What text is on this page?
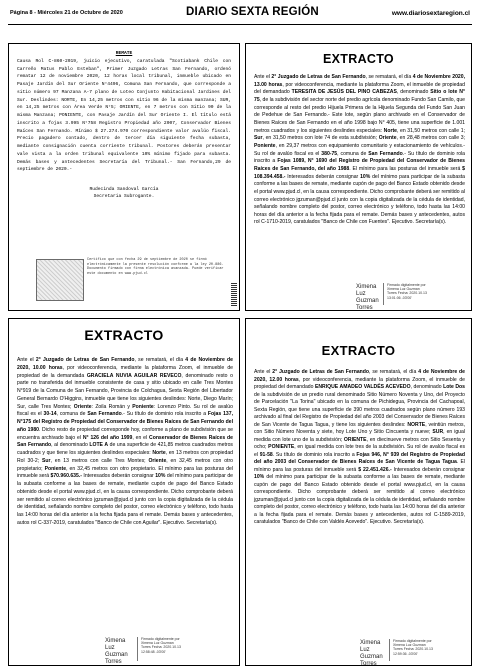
Página 8 - Miércoles 21 de Octubre de 2020	DIARIO SEXTA REGIÓN	www.diariosextaregion.cl
REMATE
Causa Rol C-860-2019, juicio ejecutivo, caratulada "Scotiabank Chile con Carreño Matus Pablo Esteban", Primer Juzgado Letras San Fernando, ordenó rematar 12 de noviembre 2020, 12 horas local tribunal, inmueble ubicado en Pasaje Jardín del Sur Oriente N°4496, Comuna San Fernando, que corresponde a sitio número 97 Manzana A-7 plano de Loteo Conjunto Habitacional Jardines del Sur. Deslindes: NORTE, En 14,25 metros con sitio 96 de la misma manzana; SUR, en 14,25 metros con Área Verde N°5; ORIENTE, en 7 metros con Sitio 90 de la misma Manzana; PONIENTE, con Pasaje Jardín del Sur Oriente I. El título está inscrito a fojas 3.995 N°758 Registro Propiedad año 2007, Conservador Bienes Raíces San Fernando. Mínimo $ 27.274.970 correspondiente valor avalúo fiscal. Precio pagadero contado, dentro de tercer día siguiente fecha subasta, mediante consignación cuenta corriente tribunal. Postores deberán presentar vale vista a la orden tribunal equivalente 10% mínimo fijado para subasta. Demás bases y antecedentes Secretaría del Tribunal.- San Fernando,29 de septiembre de 2020.-
Rudecinda Sandoval García
Secretaria Subrogante.
Certifico que con fecha 29 de septiembre de 2020 se firmó electrónicamente la presente resolución conforme a la ley 20.886. Documento firmado con firma electrónica avanzada. Puede verificar este documento en www.pjud.cl
EXTRACTO
Ante el 2° Juzgado de Letras de San Fernando, se rematará, el día 4 de Noviembre 2020, 13.00 horas, por videoconferencia, mediante la plataforma Zoom, el inmueble de propiedad del demandado TERESITA DE JESÚS DEL PINO CABEZAS, denominado Sitio o lote N° 75, de la subdivisión del sector norte del predio agrícola denominado Fundo San Camilo, que corresponde al resto del predio Hijuela Primera de la Hijuela Segunda del Fundo San Juan de Pedehue de San Fernando.- Este lote, según plano archivado en el Conservador de Bienes Raíces de San Fernando en el año 1998 bajo N° 405, tiene una superficie de 1.001 metros cuadrados y los siguientes deslindes especiales: Norte, en 31,50 metros con calle 1; Sur, en 31,50 metros con lote 74 de esta subdivisión; Oriente, en 28,48 metros con calle 3; Poniente, en 29,37 metros con equipamiento comunitario y estacionamiento de vehículos.- Su rol de avalúo fiscal es el 380-75, comuna de San Fernando.- Su título de dominio rola inscrito a Fojas 1089, N° 1690 del Registro de Propiedad del Conservador de Bienes Raíces de San Fernando, del año 1988. El mínimo para las posturas del inmueble será $ 108.394.458.- Interesados deberán consignar 10% del mínimo para participar de la subasta conforme a las bases de remate, mediante cupón de pago del Banco Estado obtenido desde el portal www.pjud.cl, en la causa correspondiente. Dicho comprobante deberá ser remitido al correo electrónico jgzuman@pjud.cl junto con la copia digitalizada de la cédula de identidad, señalando nombre completo del postor, correo electrónico y teléfono, todo hasta las 14:00 horas del día anterior a la fecha fijada para el remate. Demás bases y antecedentes, autos rol C-1710-2019, caratulados "Banco de Chile con Fuentes". Ejecutivo. Secretaría(s).
Ximena Luz Guzman Torres
Firmado digitalmente por Ximena Luz Guzman Torres Fecha: 2020.10.13 13:01:06 -03'00'
EXTRACTO
Ante el 2° Juzgado de Letras de San Fernando, se rematará, el día 4 de Noviembre de 2020, 10.00 horas, por videoconferencia, mediante la plataforma Zoom, el inmueble de propiedad de la demandada GRACIELA NUVIA AGUILAR REVECO, denominado resto o parte no transferida del inmueble consistente de casa y sitio ubicado en calle Tres Montes N°919 de la Comuna de San Fernando, Provincia de Colchagua, Sexta Región del Libertador General Bernardo O'Higgins, inmueble que tiene los siguientes deslindes: Norte, Diego Marín; Sur, calle Tres Montes; Oriente: Zoila Román y Poniente: Lorenzo Pinto. Su rol de avalúo fiscal es el 30-14, comuna de San Fernando.- Su título de dominio rola inscrito a Fojas 137, N°175 del Registro de Propiedad del Conservador de Bienes Raíces de San Fernando del año 1980. Dicho resto de propiedad corresponde hoy, conforme a plano de subdivisión que se encuentra archivado bajo el N° 126 del año 1999, en el Conservador de Bienes Raíces de San Fernando, al denominado LOTE A de una superficie de 421,85 metros cuadrados metros cuadrados y que tiene los siguientes deslindes especiales: Norte, en 13 metros con propiedad Rol 30-2; Sur, en 13 metros con calle Tres Montes; Oriente, en 32,45 metros con otro propietario; Poniente, en 32,45 metros con otro propietario. El mínimo para las posturas del inmueble será $70.960.635.- Interesados deberán consignar 10% del mínimo para participar de la subasta conforme a las bases de remate, mediante cupón de pago del Banco Estado obtenido desde el portal www.pjud.cl, en la causa correspondiente. Dicho comprobante deberá ser remitido al correo electrónico jgzuman@pjud.cl junto con la copia digitalizada de la cédula de identidad, señalando nombre completo del postor, correo electrónico y teléfono, todo hasta las 14:00 horas del día anterior a la fecha fijada para el remate. Demás bases y antecedentes, autos rol C-337-2019, caratulados "Banco de Chile con Aguilar". Ejecutivo. Secretaría(s).
Ximena Luz Guzman Torres
Firmado digitalmente por Ximena Luz Guzman Torres Fecha: 2020.10.13 12:58:48 -03'00'
EXTRACTO
Ante el 2° Juzgado de Letras de San Fernando, se rematará, el día 4 de Noviembre de 2020, 12.00 horas, por videoconferencia, mediante la plataforma Zoom, el inmueble de propiedad del demandado ENRIQUE AMADEO VALDÉS ACEVEDO, denominado Lote Dos de la subdivisión de un predio rural denominado Sitio Número Noventa y Uno, del Proyecto de Parcelación "La Torina" ubicado en la comuna de Pichidegua, Provincia del Cachapoal, Sexta Región, que tiene una superficie de 390 metros cuadrados según plano número 193 archivado al final del Registro de Propiedad del año 2003 del Conservador de Bienes Raíces de San Vicente de Tagua Tagua, y tiene los siguientes deslindes: NORTE, veintiún metros, con Sitio Número Noventa y siete, hoy Lote Uno y Sitio Cincuenta y nueve; SUR, en igual medida con lote uno de la subdivisión; ORIENTE, en diecinueve metros con Sitio Sesenta y ocho; PONIENTE, en igual medida con lote tres de la subdivisión. Su rol de avalúo fiscal es el 91-58. Su título de dominio rola inscrito a Fojas 946, N° 939 del Registro de Propiedad del año 2003 del Conservador de Bienes Raíces de San Vicente de Tagua Tagua. El mínimo para las posturas del inmueble será $ 22.451.426.- Interesados deberán consignar 10% del mínimo para participar de la subasta conforme a las bases de remate, mediante cupón de pago del Banco Estado obtenido desde el portal www.pjud.cl, en la causa correspondiente. Dicho comprobante deberá ser remitido al correo electrónico jgzuman@pjud.cl junto con la copia digitalizada de la cédula de identidad, señalando nombre completo del postor, correo electrónico y teléfono, todo hasta las 14:00 horas del día anterior a la fecha fijada para el remate. Demás bases y antecedentes, autos rol C-1589-2019, caratulados "Banco de Chile con Valdés Acevedo". Ejecutivo. Secretaría(s).
Ximena Luz Guzman Torres
Firmado digitalmente por Ximena Luz Guzman Torres Fecha: 2020.10.13 12:59:36 -03'00'
